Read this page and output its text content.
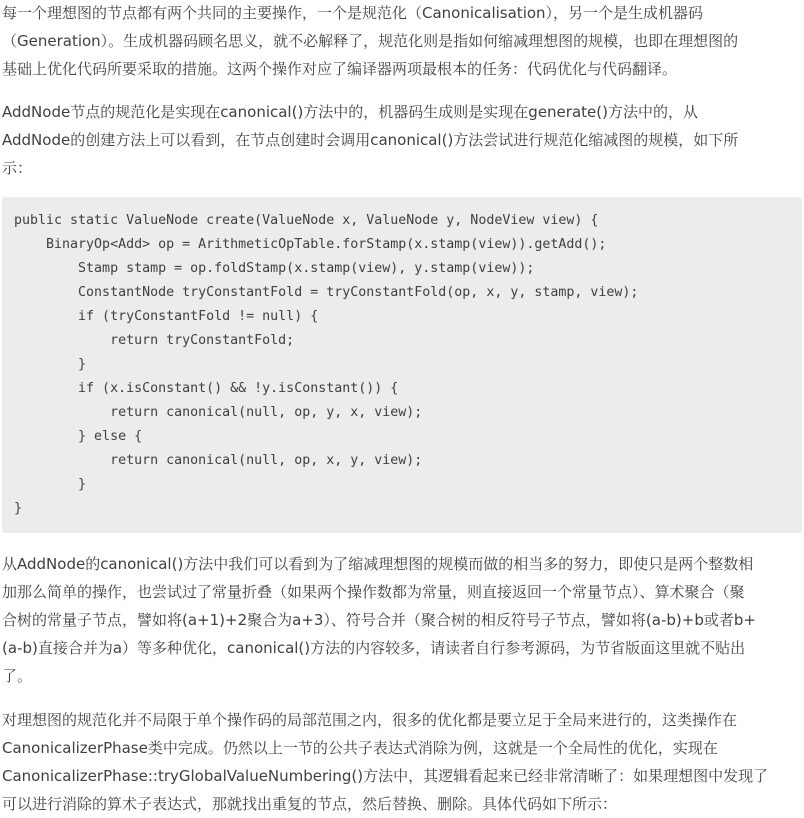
每一个理想图的节点都有两个共同的主要操作，一个是规范化（Canonicalisation），另一个是生成机器码
（Generation）。生成机器码顾名思义，就不必解释了，规范化则是指如何缩减理想图的规模，也即在理想图的
基础上优化代码所要采取的措施。这两个操作对应了编译器两项最根本的任务：代码优化与代码翻译。

AddNode节点的规范化是实现在canonical()方法中的，机器码生成则是实现在generate()方法中的，从
AddNode的创建方法上可以看到，在节点创建时会调用canonical()方法尝试进行规范化缩减图的规模，如下所
示：

public static ValueNode create(ValueNode x, ValueNode y, NodeView view) {
BinaryOp<Add> op = ArithmeticOpTable.forStamp(x.stamp(view)).getAdd();
Stamp stamp = op.foldStamp(x.stamp(view), y.stamp(view));
ConstantNode tryConstantFold = tryConstantFold(op, x, y, stamp, view);
if (tryConstantFold != null) {
return tryConstantFold;
}
if (x.isConstant() && !y.isConstant()) {
return canonical(null, op, y, x, view);
} else {
return canonical(null, op, x, y, view);
}
}

从AddNode的canonical()方法中我们可以看到为了缩减理想图的规模而做的相当多的努力，即使只是两个整数相
加那么简单的操作，也尝试过了常量折叠（如果两个操作数都为常量，则直接返回一个常量节点）、算术聚合（聚
合树的常量子节点，譬如将(a+1)+2聚合为a+3）、符号合并（聚合树的相反符号子节点，譬如将(a-b)+b或者b+
(a-b)直接合并为a）等多种优化，canonical()方法的内容较多，请读者自行参考源码，为节省版面这里就不贴出
了。

对理想图的规范化并不局限于单个操作码的局部范围之内，很多的优化都是要立足于全局来进行的，这类操作在
CanonicalizerPhase类中完成。仍然以上一节的公共子表达式消除为例，这就是一个全局性的优化，实现在
CanonicalizerPhase::tryGlobalValueNumbering()方法中，其逻辑看起来已经非常清晰了：如果理想图中发现了
可以进行消除的算术子表达式，那就找出重复的节点，然后替换、删除。具体代码如下所示：
